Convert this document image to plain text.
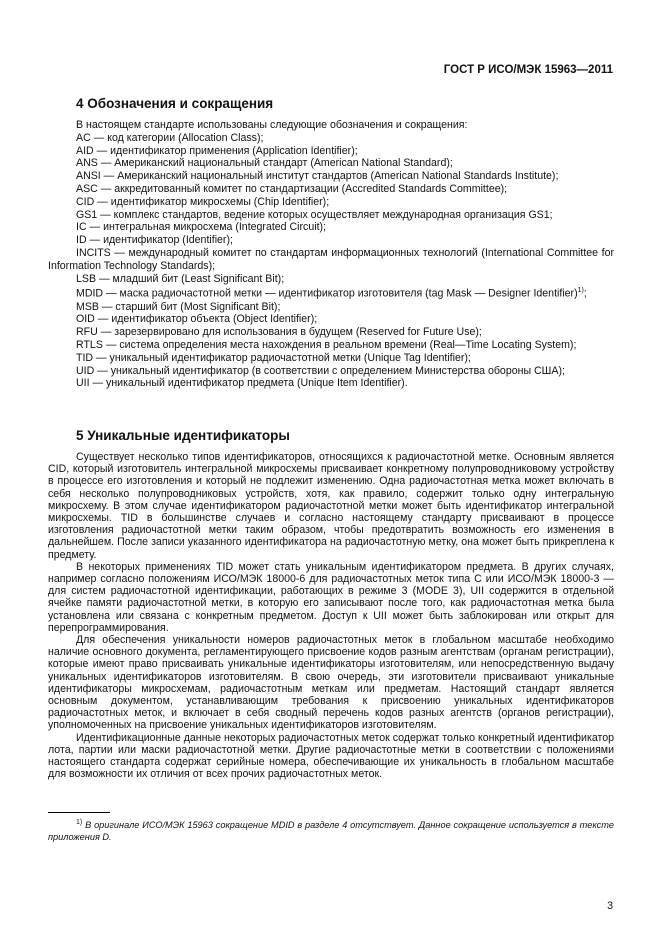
ГОСТ Р ИСО/МЭК 15963—2011
4 Обозначения и сокращения

В настоящем стандарте использованы следующие обозначения и сокращения:

AC — код категории (Allocation Class);

AID — идентификатор применения (Application Identifier);

ANS — Американский национальный стандарт (American National Standard);

ANSI — Американский национальный институт стандартов (American National Standards Institute);

ASC — аккредитованный комитет по стандартизации (Accredited Standards Committee);

CID — идентификатор микросхемы (Chip Identifier);

GS1 — комплекс стандартов, ведение которых осуществляет международная организация GS1;

IC — интегральная микросхема (Integrated Circuit);

ID — идентификатор (Identifier);

INCITS — международный комитет по стандартам информационных технологий (International Committee for Information Technology Standards);

LSB — младший бит (Least Significant Bit);

MDID — маска радиочастотной метки — идентификатор изготовителя (tag Mask — Designer Identifier)$^{1)}$;

MSB — старший бит (Most Significant Bit);

OID — идентификатор объекта (Object Identifier);

RFU — зарезервировано для использования в будущем (Reserved for Future Use);

RTLS — система определения места нахождения в реальном времени (Real—Time Locating System);

TID — уникальный идентификатор радиочастотной метки (Unique Tag Identifier);

UID — уникальный идентификатор (в соответствии с определением Министерства обороны США);

UII — уникальный идентификатор предмета (Unique Item Identifier).

5 Уникальные идентификаторы

Существует несколько типов идентификаторов, относящихся к радиочастотной метке. Основным является CID, который изготовитель интегральной микросхемы присваивает конкретному полупроводниковому устройству в процессе его изготовления и который не подлежит изменению. Одна радиочастотная метка может включать в себя несколько полупроводниковых устройств, хотя, как правило, содержит только одну интегральную микросхему. В этом случае идентификатором радиочастотной метки может быть идентификатор интегральной микросхемы. TID в большинстве случаев и согласно настоящему стандарту присваивают в процессе изготовления радиочастотной метки таким образом, чтобы предотвратить возможность его изменения в дальнейшем. После записи указанного идентификатора на радиочастотную метку, она может быть прикреплена к предмету.

В некоторых применениях TID может стать уникальным идентификатором предмета. В других случаях, например согласно положениям ИСО/МЭК 18000-6 для радиочастотных меток типа С или ИСО/МЭК 18000-3 — для систем радиочастотной идентификации, работающих в режиме 3 (MODE 3), UII содержится в отдельной ячейке памяти радиочастотной метки, в которую его записывают после того, как радиочастотная метка была установлена или связана с конкретным предметом. Доступ к UII может быть заблокирован или открыт для перепрограммирования.

Для обеспечения уникальности номеров радиочастотных меток в глобальном масштабе необходимо наличие основного документа, регламентирующего присвоение кодов разным агентствам (органам регистрации), которые имеют право присваивать уникальные идентификаторы изготовителям, или непосредственную выдачу уникальных идентификаторов изготовителям. В свою очередь, эти изготовители присваивают уникальные идентификаторы микросхемам, радиочастотным меткам или предметам. Настоящий стандарт является основным документом, устанавливающим требования к присвоению уникальных идентификаторов радиочастотных меток, и включает в себя сводный перечень кодов разных агентств (органов регистрации), уполномоченных на присвоение уникальных идентификаторов изготовителям.

Идентификационные данные некоторых радиочастотных меток содержат только конкретный идентификатор лота, партии или маски радиочастотной метки. Другие радиочастотные метки в соответствии с положениями настоящего стандарта содержат серийные номера, обеспечивающие их уникальность в глобальном масштабе для возможности их отличия от всех прочих радиочастотных меток.

$^{1)}$ В оригинале ИСО/МЭК 15963 сокращение MDID в разделе 4 отсутствует. Данное сокращение используется в тексте приложения D.
3
